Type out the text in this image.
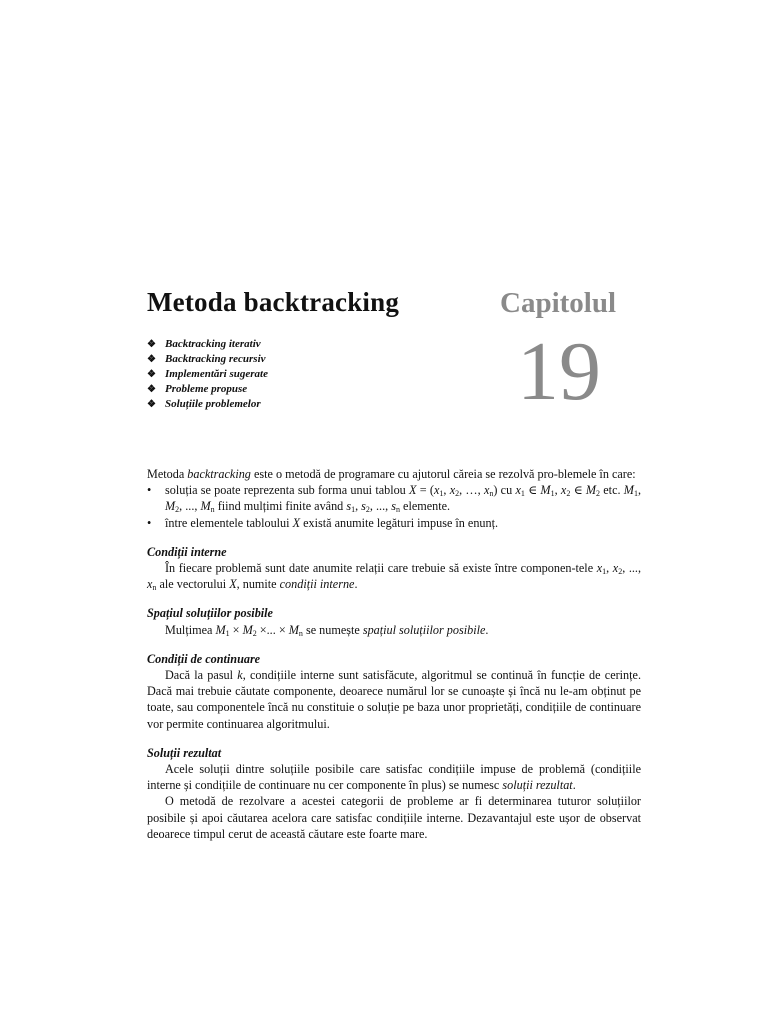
Metoda backtracking	Capitolul
19
❖ Backtracking iterativ
❖ Backtracking recursiv
❖ Implementări sugerate
❖ Probleme propuse
❖ Soluțiile problemelor

Metoda backtracking este o metodă de programare cu ajutorul căreia se rezolvă pro-blemele în care:

•	soluția se poate reprezenta sub forma unui tablou $X = (x_1$, $x_2$, …, $x_n$) cu $x_1$ ∈ $M_1$, $x_2$ ∈ $M_2$ etc. $M_1$, $M_2$, ..., $M_n$ fiind mulțimi finite având $s_1$, $s_2$, ..., $s_n$ elemente.
•	între elementele tabloului X există anumite legături impuse în enunț.
Condiții interne

În fiecare problemă sunt date anumite relații care trebuie să existe între componen-tele $x_1$, $x_2$, ..., $x_n$ ale vectorului X, numite condiții interne.

Spațiul soluțiilor posibile

Mulțimea $M_1 \times M_2$ ×... × $M_n$ se numește spațiul soluțiilor posibile.

Condiții de continuare

Dacă la pasul k, condițiile interne sunt satisfăcute, algoritmul se continuă în funcție de cerințe. Dacă mai trebuie căutate componente, deoarece numărul lor se cunoaște și încă nu le-am obținut pe toate, sau componentele încă nu constituie o soluție pe baza unor proprietăți, condițiile de continuare vor permite continuarea algoritmului.

Soluții rezultat

Acele soluții dintre soluțiile posibile care satisfac condițiile impuse de problemă (condițiile interne și condițiile de continuare nu cer componente în plus) se numesc soluții rezultat.

O metodă de rezolvare a acestei categorii de probleme ar fi determinarea tuturor soluțiilor posibile și apoi căutarea acelora care satisfac condițiile interne. Dezavantajul este ușor de observat deoarece timpul cerut de această căutare este foarte mare.
